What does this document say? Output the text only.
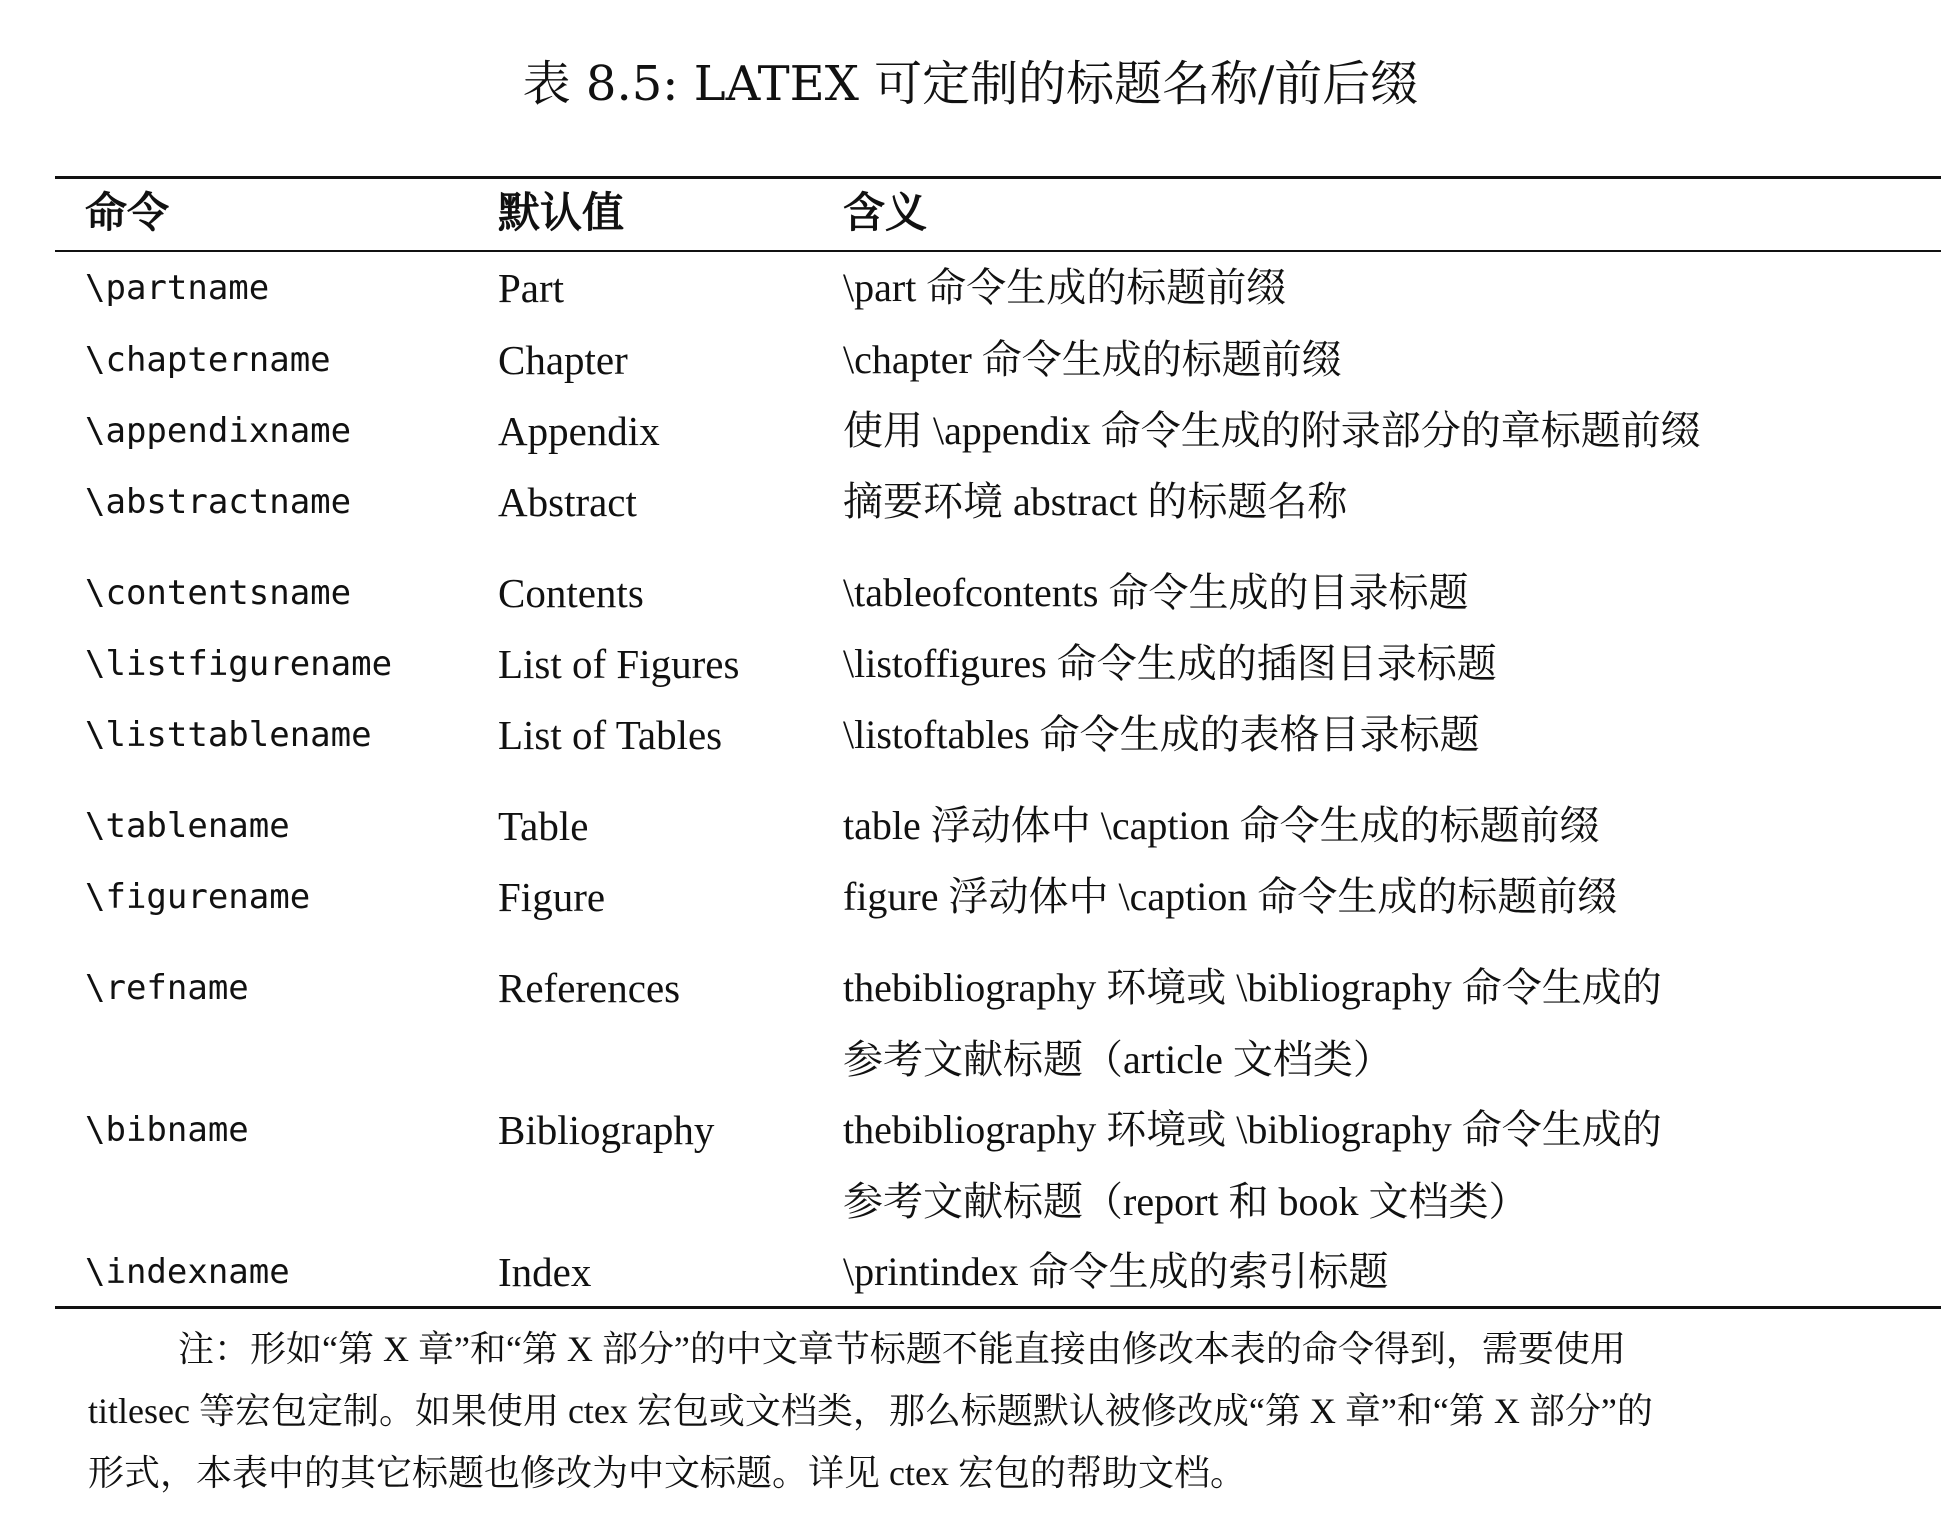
表 8.5: LATEX 可定制的标题名称/前后缀
命令	默认值	含义
\partname	Part	\part 命令生成的标题前缀
\chaptername	Chapter	\chapter 命令生成的标题前缀
\appendixname	Appendix	使用 \appendix 命令生成的附录部分的章标题前缀
\abstractname	Abstract	摘要环境 abstract 的标题名称
\contentsname	Contents	\tableofcontents 命令生成的目录标题
\listfigurename	List of Figures	\listoffigures 命令生成的插图目录标题
\listtablename	List of Tables	\listoftables 命令生成的表格目录标题
\tablename	Table	table 浮动体中 \caption 命令生成的标题前缀
\figurename	Figure	figure 浮动体中 \caption 命令生成的标题前缀
\refname	References	thebibliography 环境或 \bibliography 命令生成的
参考文献标题（article 文档类）
\bibname	Bibliography	thebibliography 环境或 \bibliography 命令生成的
参考文献标题（report 和 book 文档类）
\indexname	Index	\printindex 命令生成的索引标题
注：形如“第 X 章”和“第 X 部分”的中文章节标题不能直接由修改本表的命令得到，需要使用
titlesec 等宏包定制。如果使用 ctex 宏包或文档类，那么标题默认被修改成“第 X 章”和“第 X 部分”的
形式，本表中的其它标题也修改为中文标题。详见 ctex 宏包的帮助文档。
